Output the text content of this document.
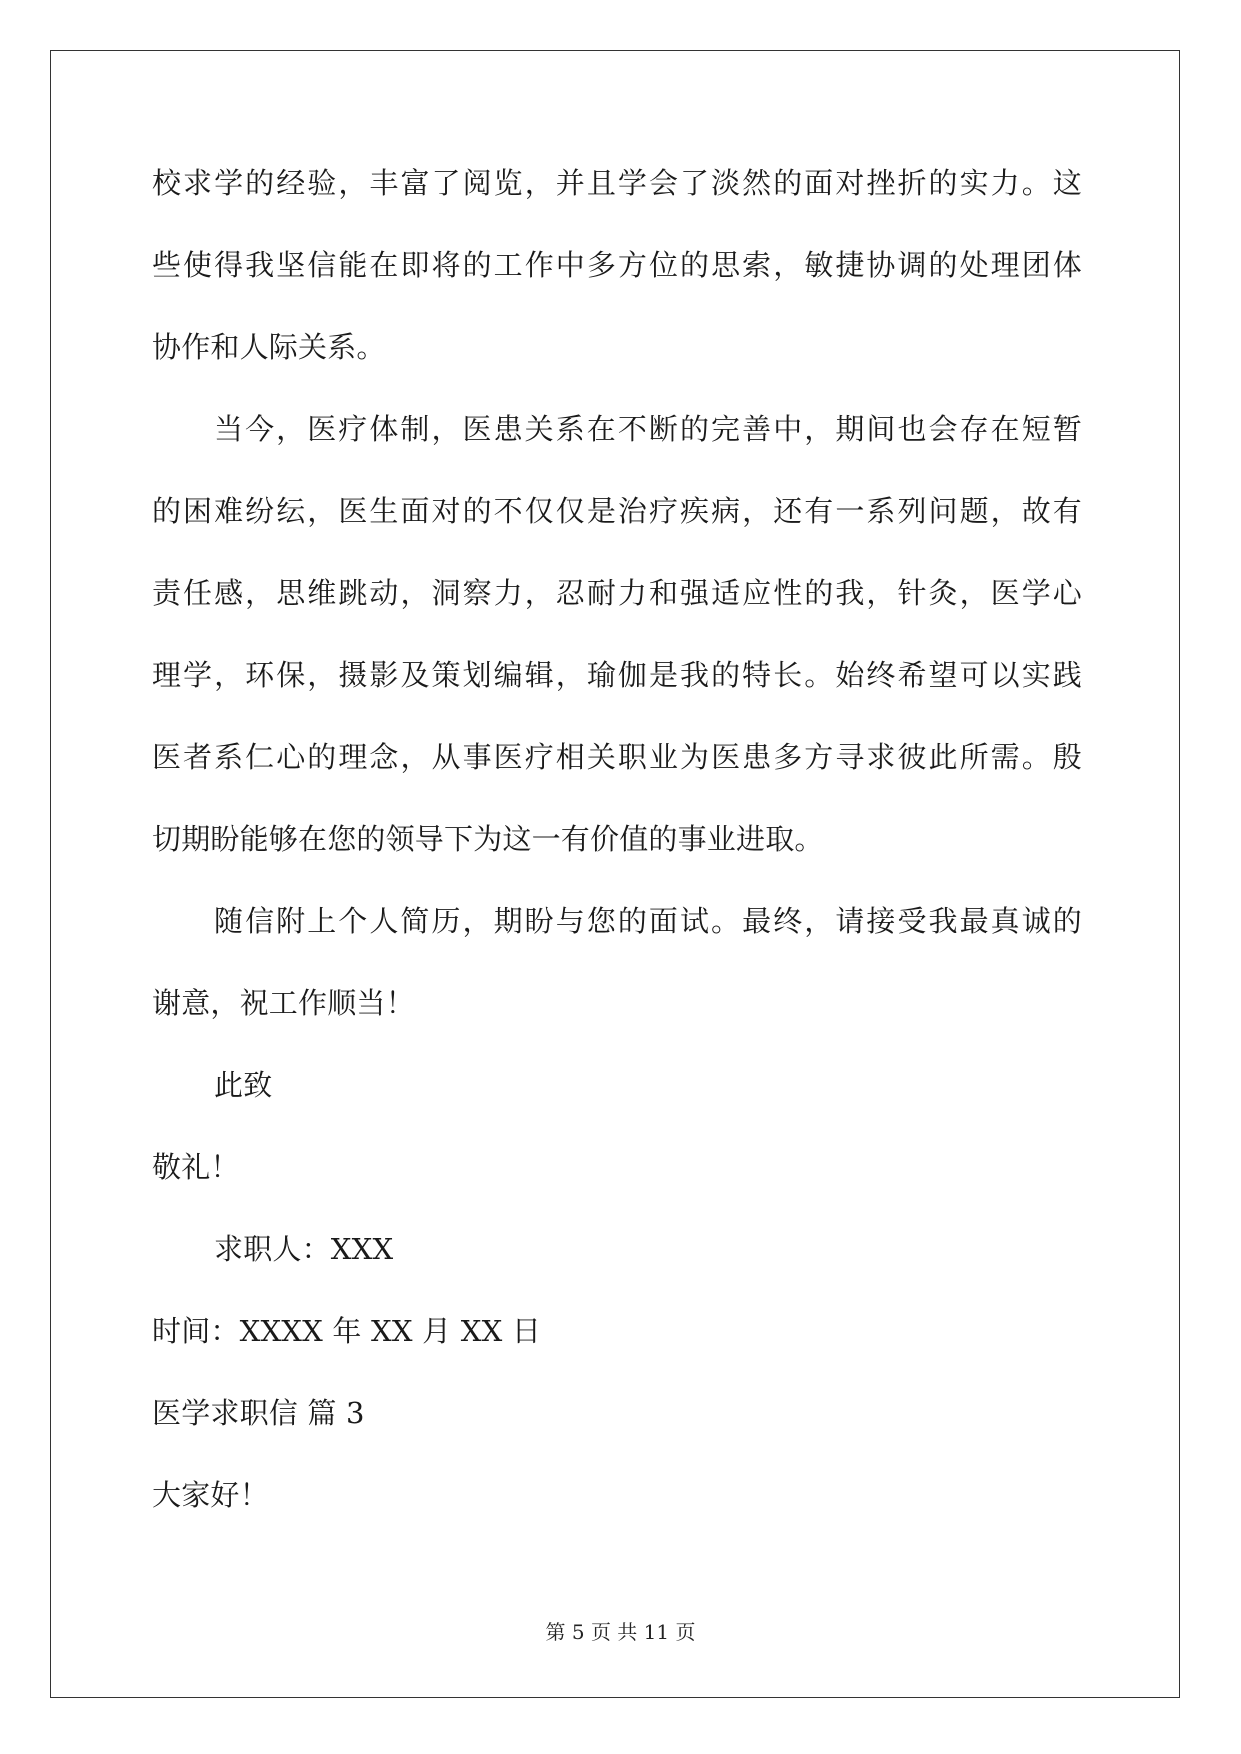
校求学的经验，丰富了阅览，并且学会了淡然的面对挫折的实力。这
些使得我坚信能在即将的工作中多方位的思索，敏捷协调的处理团体
协作和人际关系。
当今，医疗体制，医患关系在不断的完善中，期间也会存在短暂
的困难纷纭，医生面对的不仅仅是治疗疾病，还有一系列问题，故有
责任感，思维跳动，洞察力，忍耐力和强适应性的我，针灸，医学心
理学，环保，摄影及策划编辑，瑜伽是我的特长。始终希望可以实践
医者系仁心的理念，从事医疗相关职业为医患多方寻求彼此所需。殷
切期盼能够在您的领导下为这一有价值的事业进取。
随信附上个人简历，期盼与您的面试。最终，请接受我最真诚的
谢意，祝工作顺当！
此致
敬礼！
求职人：XXX
时间：XXXX 年 XX 月 XX 日
医学求职信 篇 3
大家好！
第 5 页 共 11 页
